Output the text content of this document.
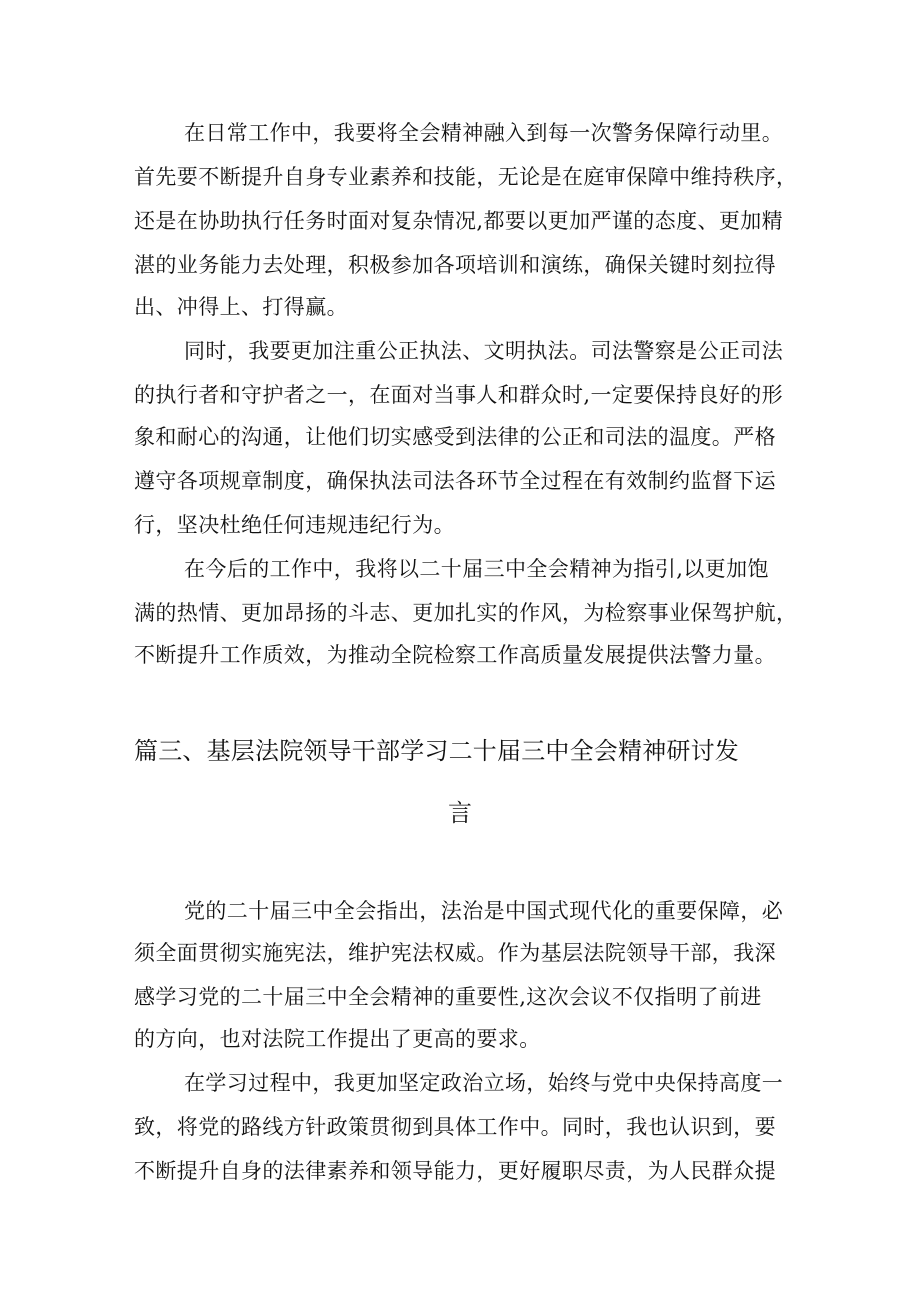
在日常工作中，我要将全会精神融入到每一次警务保障行动里。
首先要不断提升自身专业素养和技能，无论是在庭审保障中维持秩序，
还是在协助执行任务时面对复杂情况,都要以更加严谨的态度、更加精
湛的业务能力去处理，积极参加各项培训和演练，确保关键时刻拉得
出、冲得上、打得赢。
同时，我要更加注重公正执法、文明执法。司法警察是公正司法
的执行者和守护者之一，在面对当事人和群众时,一定要保持良好的形
象和耐心的沟通，让他们切实感受到法律的公正和司法的温度。严格
遵守各项规章制度，确保执法司法各环节全过程在有效制约监督下运
行，坚决杜绝任何违规违纪行为。
在今后的工作中，我将以二十届三中全会精神为指引,以更加饱
满的热情、更加昂扬的斗志、更加扎实的作风，为检察事业保驾护航，
不断提升工作质效，为推动全院检察工作高质量发展提供法警力量。
篇三、基层法院领导干部学习二十届三中全会精神研讨发
言
党的二十届三中全会指出，法治是中国式现代化的重要保障，必
须全面贯彻实施宪法，维护宪法权威。作为基层法院领导干部，我深
感学习党的二十届三中全会精神的重要性,这次会议不仅指明了前进
的方向，也对法院工作提出了更高的要求。
在学习过程中，我更加坚定政治立场，始终与党中央保持高度一
致，将党的路线方针政策贯彻到具体工作中。同时，我也认识到，要
不断提升自身的法律素养和领导能力，更好履职尽责，为人民群众提
